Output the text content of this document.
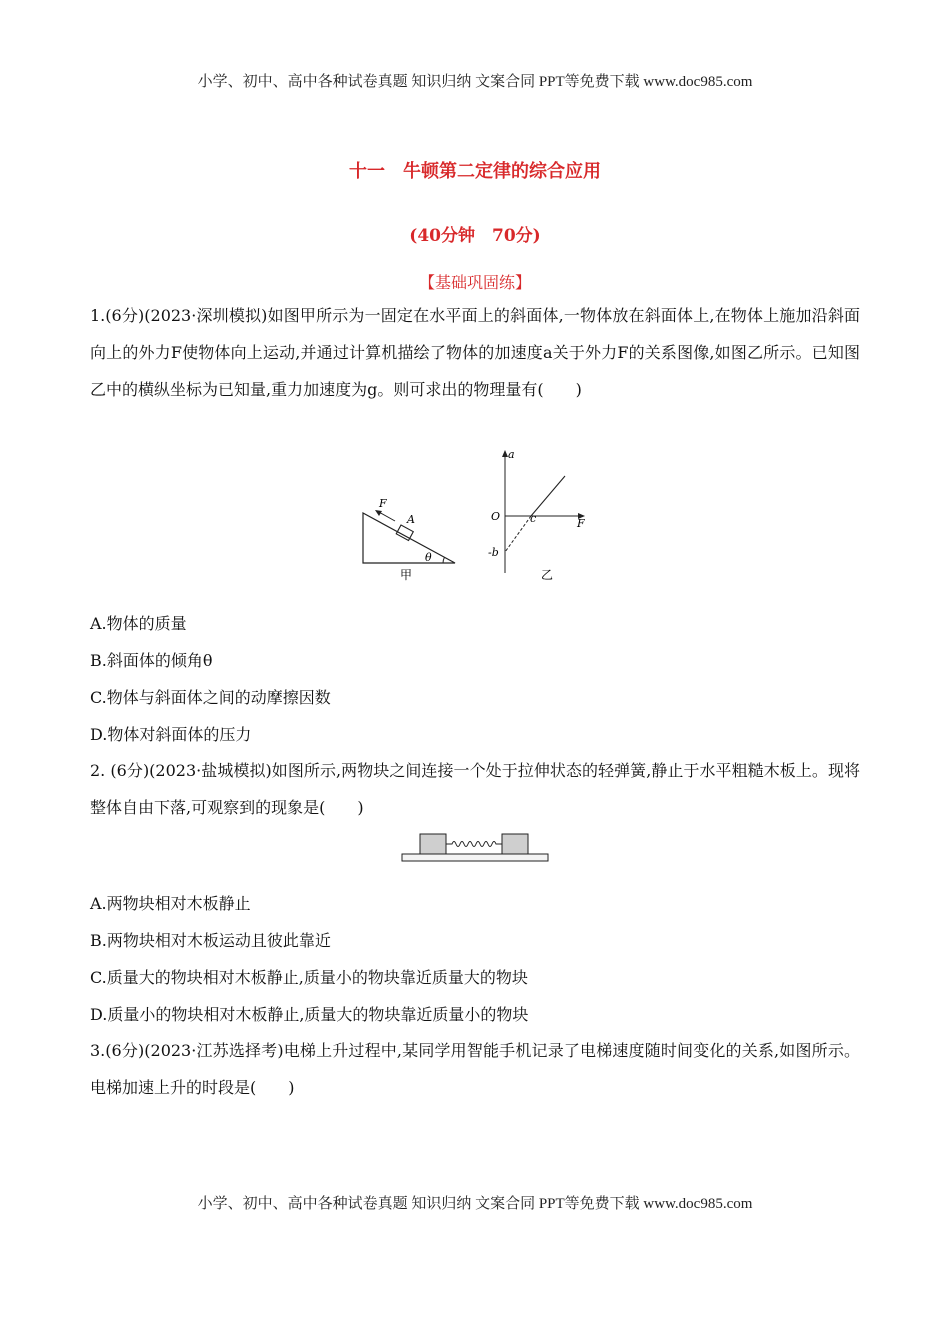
小学、初中、高中各种试卷真题 知识归纳 文案合同 PPT等免费下载 www.doc985.com
十一　牛顿第二定律的综合应用
(40分钟　70分)
【基础巩固练】
1.(6分)(2023·深圳模拟)如图甲所示为一固定在水平面上的斜面体,一物体放在斜面体上,在物体上施加沿斜面向上的外力F使物体向上运动,并通过计算机描绘了物体的加速度a关于外力F的关系图像,如图乙所示。已知图乙中的横纵坐标为已知量,重力加速度为g。则可求出的物理量有(　　)
F
A
θ
甲
a
O	c	F
-b
乙
A.物体的质量
B.斜面体的倾角θ
C.物体与斜面体之间的动摩擦因数
D.物体对斜面体的压力
2. (6分)(2023·盐城模拟)如图所示,两物块之间连接一个处于拉伸状态的轻弹簧,静止于水平粗糙木板上。现将整体自由下落,可观察到的现象是(　　)
A.两物块相对木板静止
B.两物块相对木板运动且彼此靠近
C.质量大的物块相对木板静止,质量小的物块靠近质量大的物块
D.质量小的物块相对木板静止,质量大的物块靠近质量小的物块
3.(6分)(2023·江苏选择考)电梯上升过程中,某同学用智能手机记录了电梯速度随时间变化的关系,如图所示。电梯加速上升的时段是(　　)
小学、初中、高中各种试卷真题 知识归纳 文案合同 PPT等免费下载 www.doc985.com
